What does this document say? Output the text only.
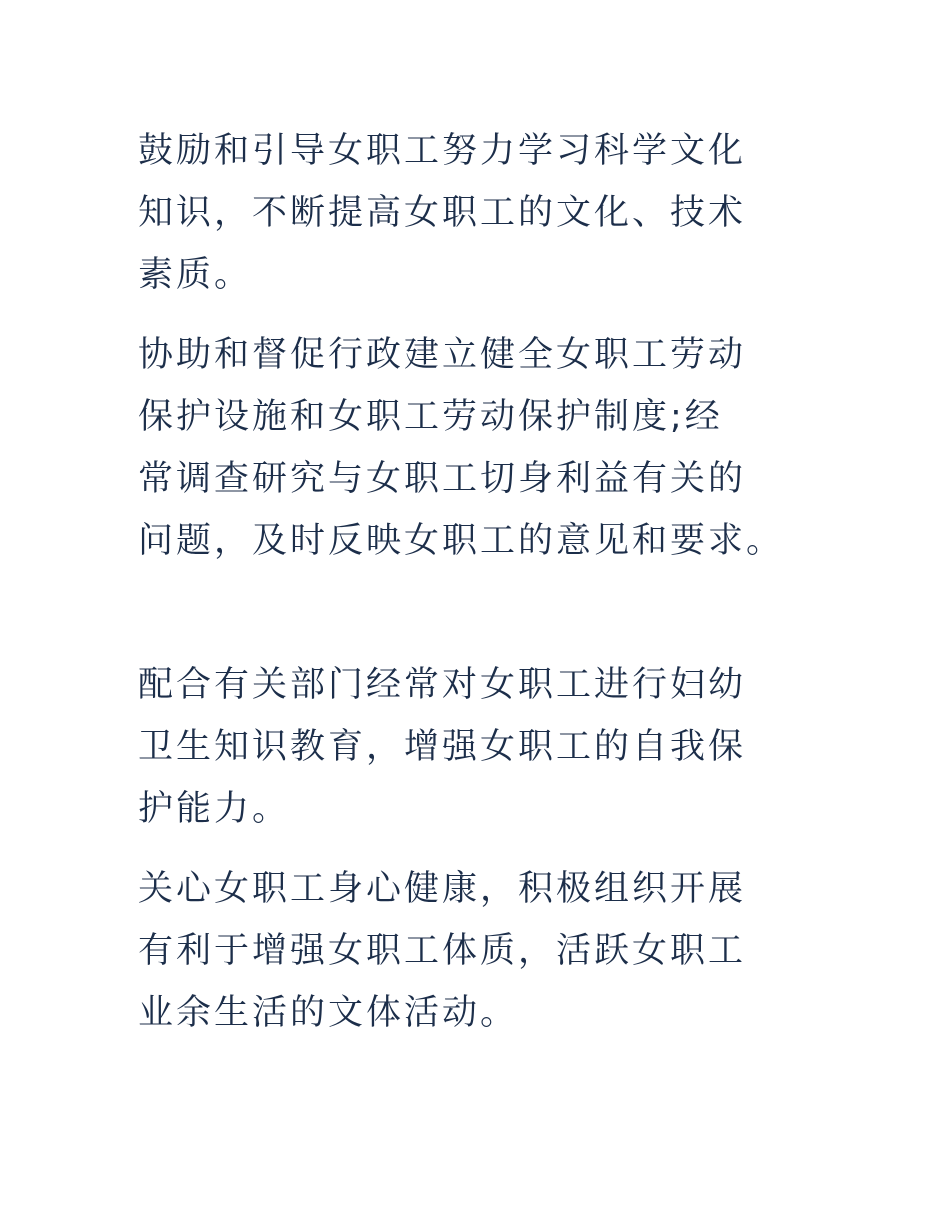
鼓励和引导女职工努力学习科学文化
知识，不断提高女职工的文化、技术
素质。

协助和督促行政建立健全女职工劳动
保护设施和女职工劳动保护制度;经
常调查研究与女职工切身利益有关的
问题，及时反映女职工的意见和要求。

配合有关部门经常对女职工进行妇幼
卫生知识教育，增强女职工的自我保
护能力。

关心女职工身心健康，积极组织开展
有利于增强女职工体质，活跃女职工
业余生活的文体活动。
